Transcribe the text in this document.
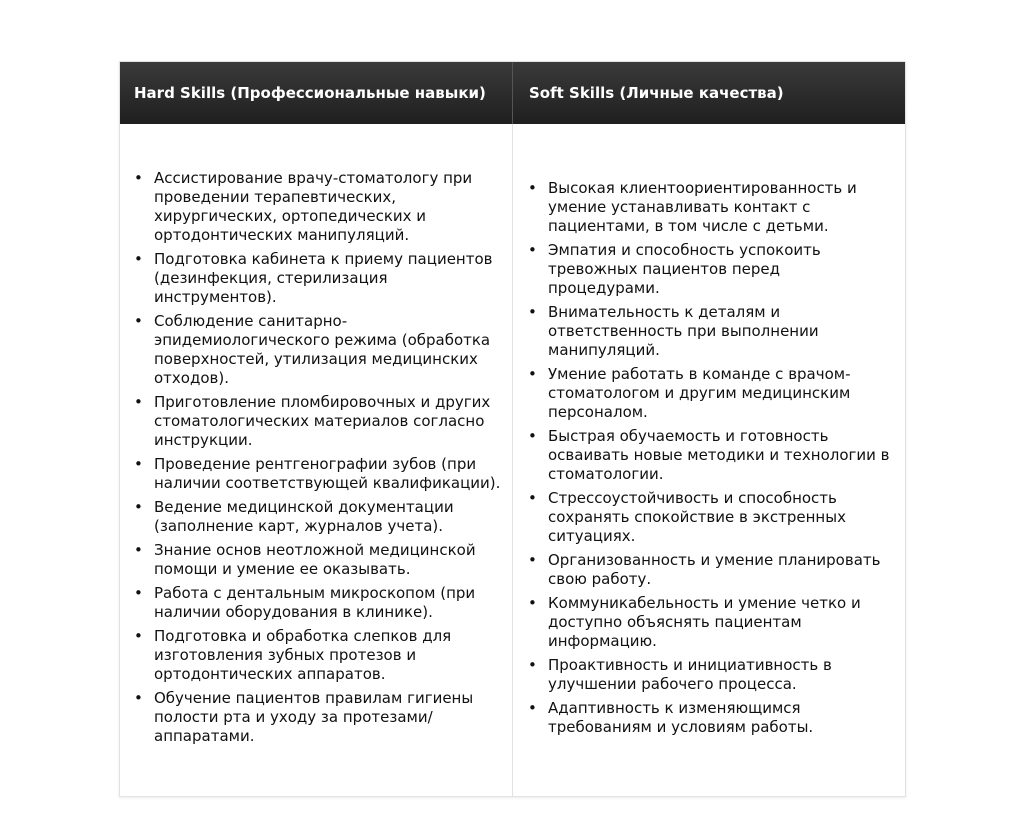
Hard Skills (Профессиональные навыки)	Soft Skills (Личные качества)
• Ассистирование врачу-стоматологу при проведении терапевтических, хирургических, ортопедических и ортодонтических манипуляций.
• Подготовка кабинета к приему пациентов (дезинфекция, стерилизация инструментов).
• Соблюдение санитарно-эпидемиологического режима (обработка поверхностей, утилизация медицинских отходов).
• Приготовление пломбировочных и других стоматологических материалов согласно инструкции.
• Проведение рентгенографии зубов (при наличии соответствующей квалификации).
• Ведение медицинской документации (заполнение карт, журналов учета).
• Знание основ неотложной медицинской помощи и умение ее оказывать.
• Работа с дентальным микроскопом (при наличии оборудования в клинике).
• Подготовка и обработка слепков для изготовления зубных протезов и ортодонтических аппаратов.
• Обучение пациентов правилам гигиены полости рта и уходу за протезами/ аппаратами.
• Высокая клиентоориентированность и умение устанавливать контакт с пациентами, в том числе с детьми.
• Эмпатия и способность успокоить тревожных пациентов перед процедурами.
• Внимательность к деталям и ответственность при выполнении манипуляций.
• Умение работать в команде с врачом-стоматологом и другим медицинским персоналом.
• Быстрая обучаемость и готовность осваивать новые методики и технологии в стоматологии.
• Стрессоустойчивость и способность сохранять спокойствие в экстренных ситуациях.
• Организованность и умение планировать свою работу.
• Коммуникабельность и умение четко и доступно объяснять пациентам информацию.
• Проактивность и инициативность в улучшении рабочего процесса.
• Адаптивность к изменяющимся требованиям и условиям работы.
